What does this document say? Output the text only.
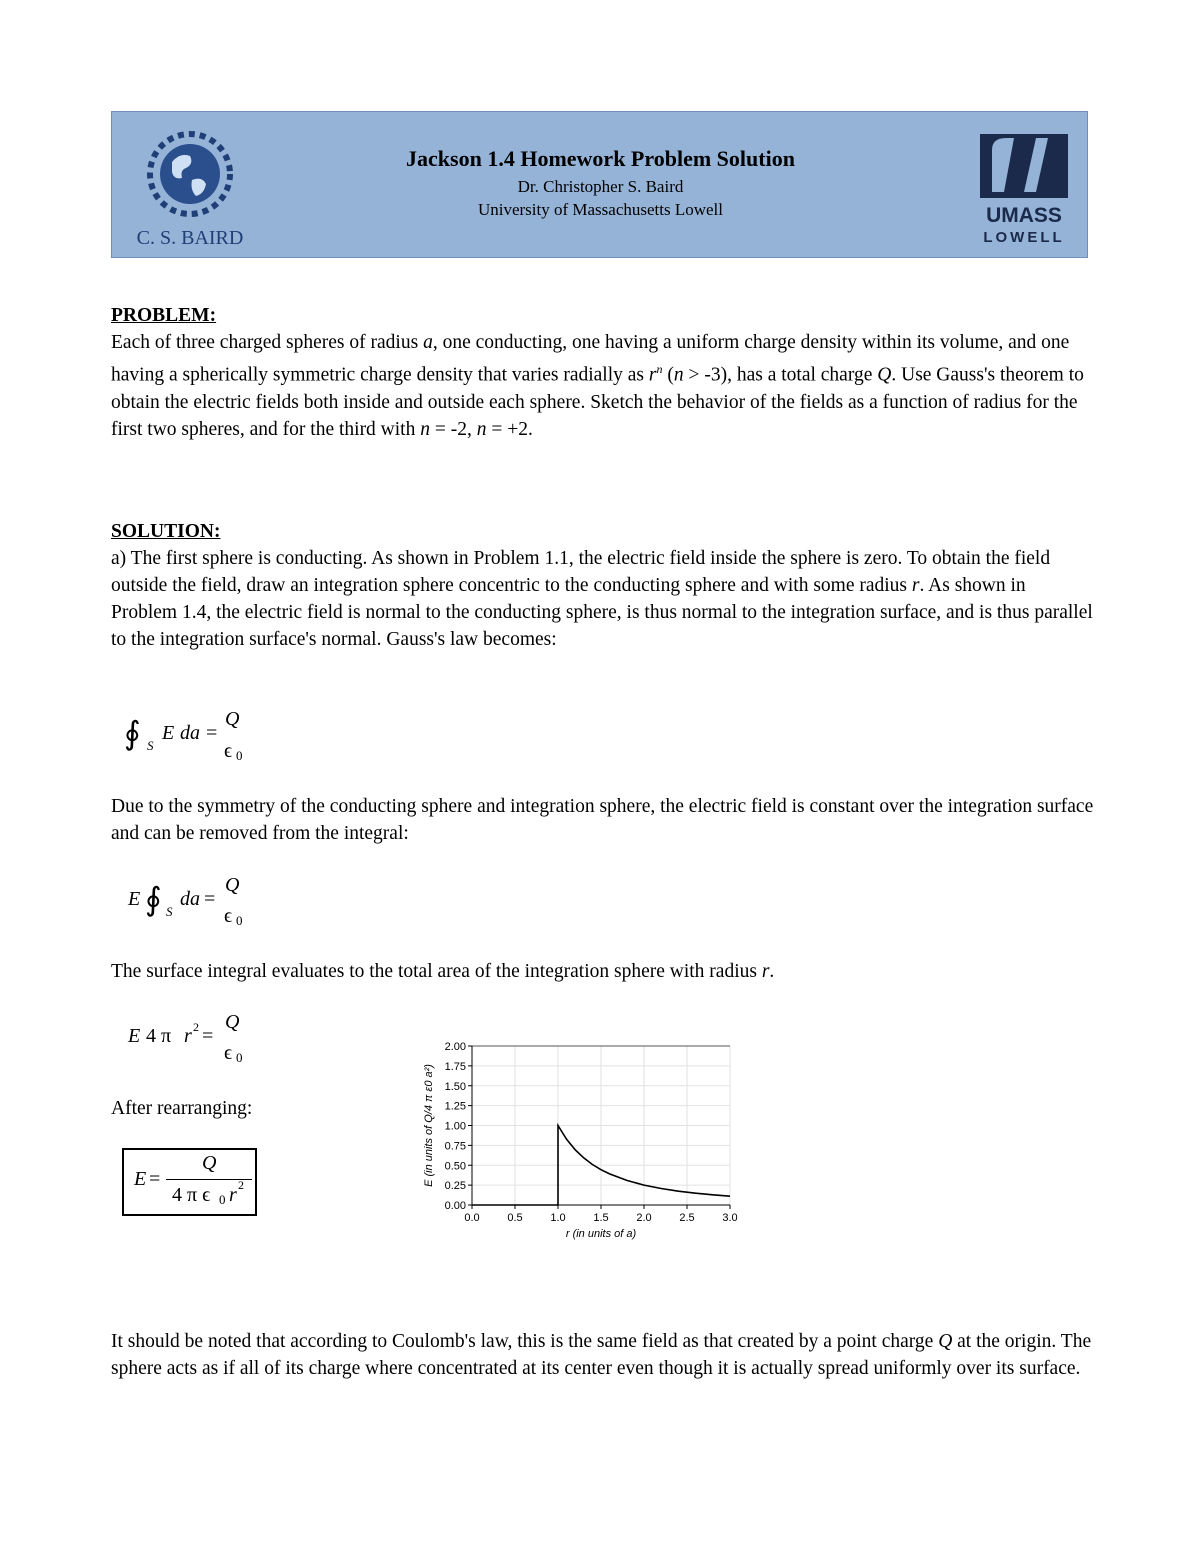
C. S. BAIRD
Jackson 1.4 Homework Problem Solution
Dr. Christopher S. Baird
University of Massachusetts Lowell	UMASS
LOWELL
PROBLEM:
Each of three charged spheres of radius a, one conducting, one having a uniform charge density within its volume, and one having a spherically symmetric charge density that varies radially as $r^n$ (n > -3), has a total charge Q. Use Gauss's theorem to obtain the electric fields both inside and outside each sphere. Sketch the behavior of the fields as a function of radius for the first two spheres, and for the third with n = -2, n = +2.
SOLUTION:
a) The first sphere is conducting. As shown in Problem 1.1, the electric field inside the sphere is zero. To obtain the field outside the field, draw an integration sphere concentric to the conducting sphere and with some radius r. As shown in Problem 1.4, the electric field is normal to the conducting sphere, is thus normal to the integration surface, and is thus parallel to the integration surface's normal. Gauss's law becomes:
∮ S
E da =
Q
ϵ 0
Due to the symmetry of the conducting sphere and integration sphere, the electric field is constant over the integration surface and can be removed from the integral:
E ∮ S
da =
Q
ϵ 0
The surface integral evaluates to the total area of the integration sphere with radius r.
E 4 π r 2 =
Q
ϵ 0
After rearranging:
E =
Q
4 π ϵ 0 r 2
0.0	0.5	1.0	1.5	2.0	2.5	3.0
0.00
0.25
0.50
0.75
1.00
1.25
1.50
1.75
2.00
r (in units of a)
E (in units of Q/4 π ε0 a²)
It should be noted that according to Coulomb's law, this is the same field as that created by a point charge Q at the origin. The sphere acts as if all of its charge where concentrated at its center even though it is actually spread uniformly over its surface.
